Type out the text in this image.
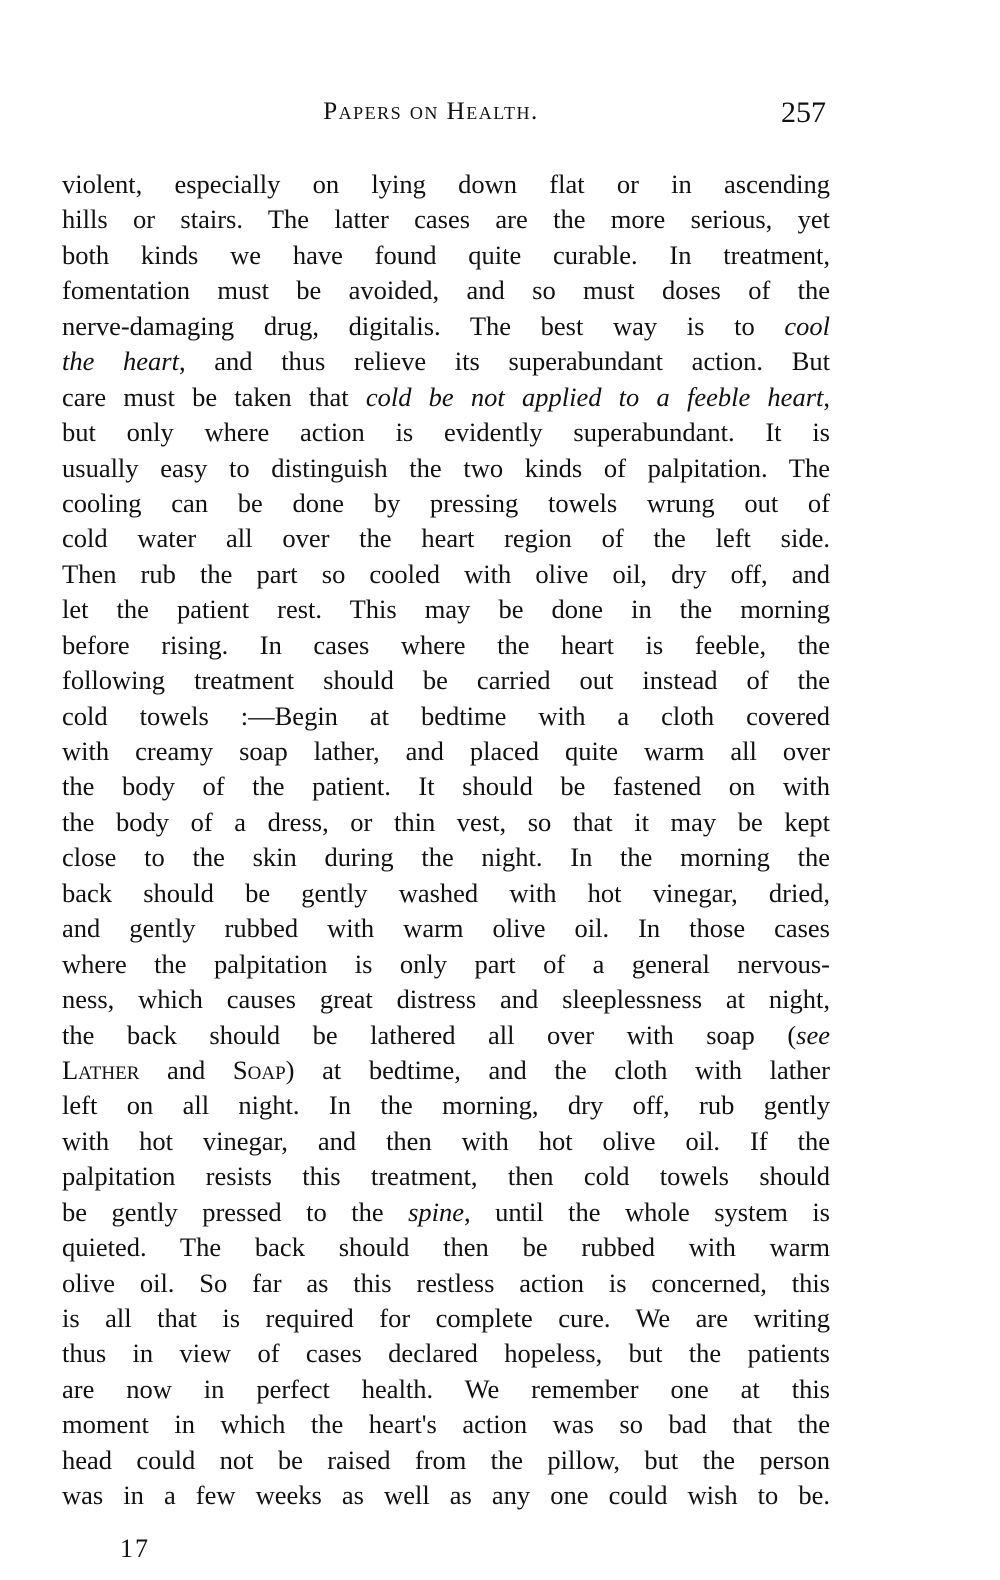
Papers on Health.	257
violent, especially on lying down flat or in ascending
hills or stairs. The latter cases are the more serious, yet
both kinds we have found quite curable. In treatment,
fomentation must be avoided, and so must doses of the
nerve-damaging drug, digitalis. The best way is to cool
the heart, and thus relieve its superabundant action. But
care must be taken that cold be not applied to a feeble heart,
but only where action is evidently superabundant. It is
usually easy to distinguish the two kinds of palpitation. The
cooling can be done by pressing towels wrung out of
cold water all over the heart region of the left side.
Then rub the part so cooled with olive oil, dry off, and
let the patient rest. This may be done in the morning
before rising. In cases where the heart is feeble, the
following treatment should be carried out instead of the
cold towels :—Begin at bedtime with a cloth covered
with creamy soap lather, and placed quite warm all over
the body of the patient. It should be fastened on with
the body of a dress, or thin vest, so that it may be kept
close to the skin during the night. In the morning the
back should be gently washed with hot vinegar, dried,
and gently rubbed with warm olive oil. In those cases
where the palpitation is only part of a general nervous-
ness, which causes great distress and sleeplessness at night,
the back should be lathered all over with soap (see
Lather and Soap) at bedtime, and the cloth with lather
left on all night. In the morning, dry off, rub gently
with hot vinegar, and then with hot olive oil. If the
palpitation resists this treatment, then cold towels should
be gently pressed to the spine, until the whole system is
quieted. The back should then be rubbed with warm
olive oil. So far as this restless action is concerned, this
is all that is required for complete cure. We are writing
thus in view of cases declared hopeless, but the patients
are now in perfect health. We remember one at this
moment in which the heart's action was so bad that the
head could not be raised from the pillow, but the person
was in a few weeks as well as any one could wish to be.
17
